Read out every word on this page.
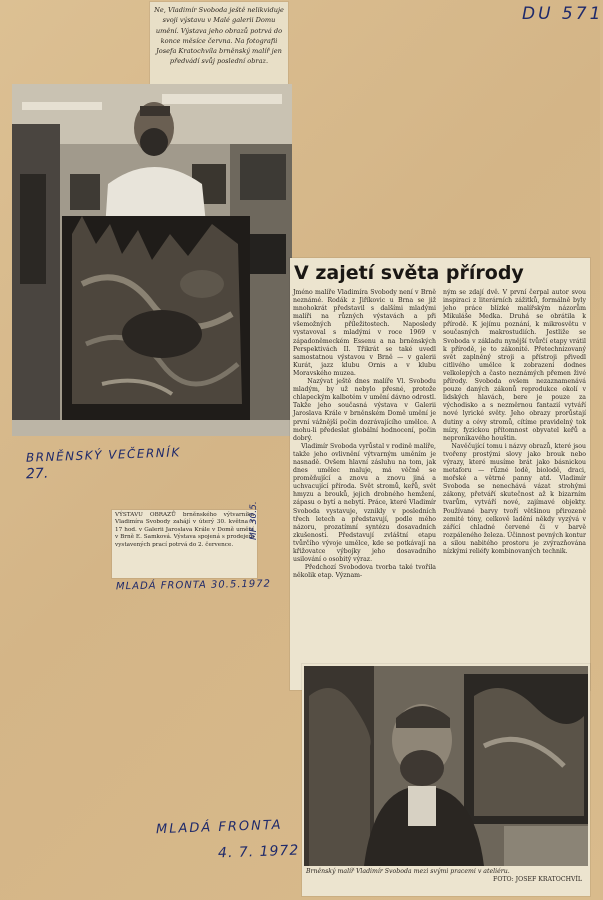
DU 571

Ne, Vladimír Svoboda ještě nelikviduje svoji výstavu v Malé galerii Domu umění. Výstava jeho obrazů potrvá do konce měsíce června. Na fotografii Josefa Kratochvíla brněnský malíř jen předvádí svůj poslední obraz.

BRNĚNSKÝ VEČERNÍK
27.

VÝSTAVU OBRAZŮ brněnského výtvarníka Vladimíra Svobody zahájí v úterý 30. května v 17 hod. v Galerii Jaroslava Krále v Domě umění v Brně E. Samková. Výstava spojená s prodejem vystavených prací potrvá do 2. července.

MF 30.5.
MLADÁ FRONTA 30.5.1972
V zajetí světa přírody
Jméno malíře Vladimíra Svobody není v Brně neznámé. Rodák z Jiříkovic u Brna se již mnohokrát představil s dalšími mladými malíři na různých výstavách a při všemožných příležitostech. Naposledy vystavoval s mladými v roce 1969 v západoněmeckém Essenu a na brněnských Perspektivách II. Třikrát se také uvedl samostatnou výstavou v Brně — v galerii Kurát, jazz klubu Ornis a v klubu Moravského muzea.
Nazývat ještě dnes malíře Vl. Svobodu mladým, by už nebylo přesné, protože chlapeckým kalbotém v umění dávno odrostl. Takže jeho současná výstava v Galerii Jaroslava Krále v brněnském Domě umění je první vážnější počin dozrávajícího umělce. A mohu-li předeslat globální hodnocení, počin dobrý.
Vladimír Svoboda vyrůstal v rodině malíře, takže jeho ovlivnění výtvarným uměním je nasnadě. Ovšem hlavní zásluhu na tom, jak dnes umělec maluje, má věčně se proměňující a znovu a znovu jiná a uchvacující příroda. Svět stromů, keřů, svět hmyzu a brouků, jejich drobného hemžení, zápasu o bytí a nebytí. Práce, které Vladimír Svoboda vystavuje, vznikly v posledních třech letech a představují, podle mého názoru, prozatímní syntézu dosavadních zkušeností. Představují zvláštní etapu tvůrčího vývoje umělce, kde se potkávají na křižovatce výbojky jeho dosavadního usilování o osobitý výraz.
Předchozí Svobodova tvorba také tvořila několik etap. Význam-
ným se zdají dvě. V první čerpal autor svou inspiraci z literárních zážitků, formálně byly jeho práce blízké malířským názorům Mikuláše Medka. Druhá se obrátila k přírodě. K jejímu poznání, k mikrosvětu v současných makrostudiích. Jestliže se Svoboda v základu nynější tvůrčí etapy vrátil k přírodě, je to zákonité. Přetechnizovaný svět zaplněný stroji a přístroji přivedl citlivého umělce k zobrazení dodnes velkolepých a často neznámých přemen živé přírody. Svoboda ovšem nezaznamenává pouze daných zákonů reprodukce okolí v lidských hlavách, bere je pouze za východisko a s nezměrnou fantazií vytváří nové lyrické světy. Jeho obrazy prorůstají dutiny a cévy stromů, cítíme pravidelný tok mízy, fyzickou přítomnost obyvatel keřů a nepronikavého houštin.
Navěčující tomu i názvy obrazů, které jsou tvořeny prostými slovy jako brouk nebo výrazy, které musíme brát jako básnickou metaforu — různé lodě, biolodě, draci, mořské a větrné panny atd. Vladimír Svoboda se nenechává vázat strohými zákony, přetváří skutečnost až k bizarním tvarům, vytváří nové, zajímavé objekty. Používané barvy tvoří většinou přirozeně zemité tóny, celkově ladění někdy vyzývá v zářící chladné červené či v barvě rozpáleného železa. Účinnost pevných kontur a silou nabitého prostoru je zvýrazňována nízkými reliéfy kombinovaných technik.
Brněnský malíř Vladimír Svoboda mezi svými pracemi v ateliéru.
FOTO: JOSEF KRATOCHVÍL
MLADÁ FRONTA
4. 7. 1972
